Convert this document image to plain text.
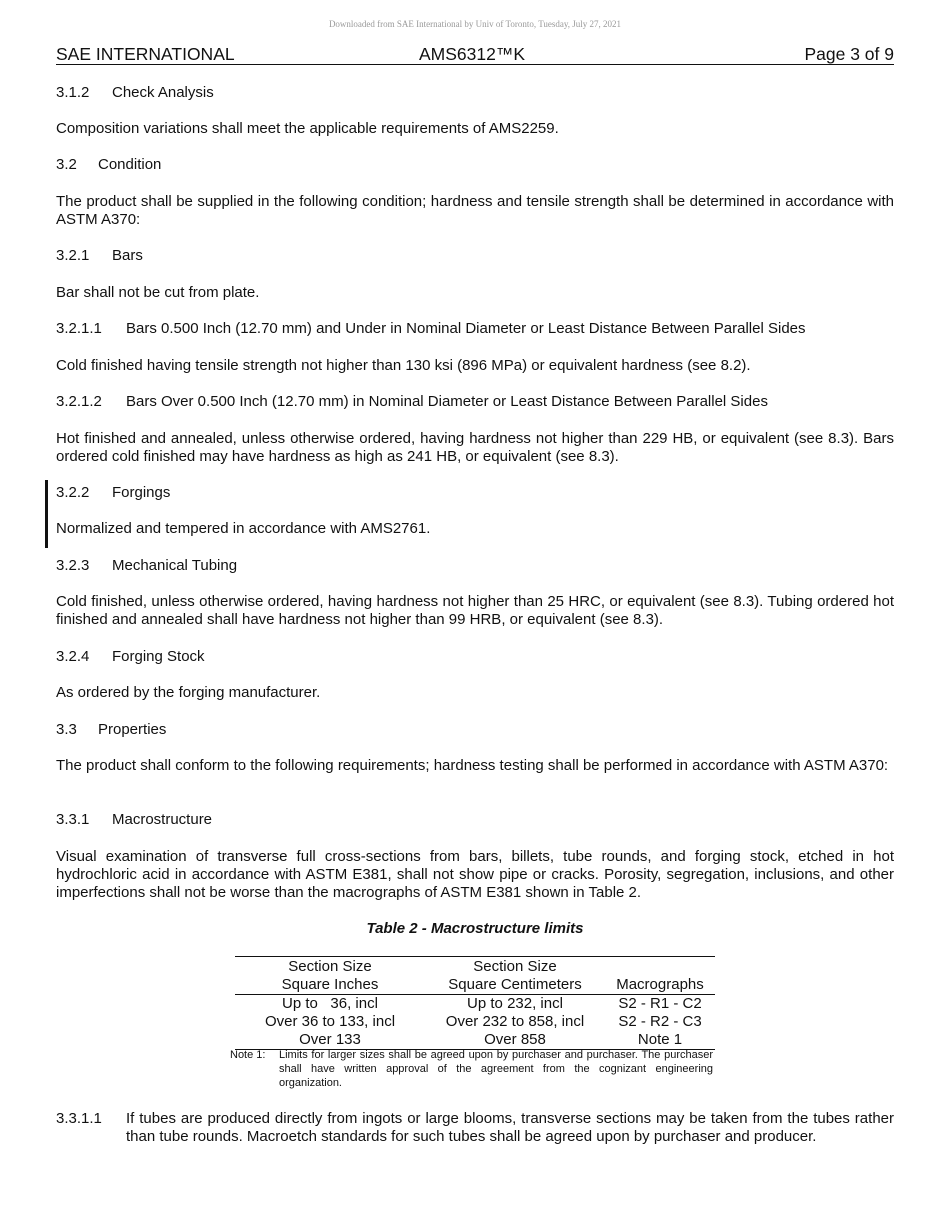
Downloaded from SAE International by Univ of Toronto, Tuesday, July 27, 2021
SAE INTERNATIONAL	AMS6312™K	Page 3 of 9
3.1.2 Check Analysis
Composition variations shall meet the applicable requirements of AMS2259.
3.2 Condition
The product shall be supplied in the following condition; hardness and tensile strength shall be determined in accordance with ASTM A370:
3.2.1 Bars
Bar shall not be cut from plate.
3.2.1.1 Bars 0.500 Inch (12.70 mm) and Under in Nominal Diameter or Least Distance Between Parallel Sides
Cold finished having tensile strength not higher than 130 ksi (896 MPa) or equivalent hardness (see 8.2).
3.2.1.2 Bars Over 0.500 Inch (12.70 mm) in Nominal Diameter or Least Distance Between Parallel Sides
Hot finished and annealed, unless otherwise ordered, having hardness not higher than 229 HB, or equivalent (see 8.3). Bars ordered cold finished may have hardness as high as 241 HB, or equivalent (see 8.3).
3.2.2 Forgings
Normalized and tempered in accordance with AMS2761.
3.2.3 Mechanical Tubing
Cold finished, unless otherwise ordered, having hardness not higher than 25 HRC, or equivalent (see 8.3). Tubing ordered hot finished and annealed shall have hardness not higher than 99 HRB, or equivalent (see 8.3).
3.2.4 Forging Stock
As ordered by the forging manufacturer.
3.3 Properties
The product shall conform to the following requirements; hardness testing shall be performed in accordance with ASTM A370:
3.3.1 Macrostructure
Visual examination of transverse full cross-sections from bars, billets, tube rounds, and forging stock, etched in hot hydrochloric acid in accordance with ASTM E381, shall not show pipe or cracks. Porosity, segregation, inclusions, and other imperfections shall not be worse than the macrographs of ASTM E381 shown in Table 2.
Table 2 - Macrostructure limits
Section Size	Section Size	
Square Inches	Square Centimeters	Macrographs
Up to   36, incl	Up to 232, incl	S2 - R1 - C2
Over 36 to 133, incl	Over 232 to 858, incl	S2 - R2 - C3
Over 133	Over 858	Note 1
Note 1: Limits for larger sizes shall be agreed upon by purchaser and purchaser. The purchaser shall have written approval of the agreement from the cognizant engineering organization.
3.3.1.1 If tubes are produced directly from ingots or large blooms, transverse sections may be taken from the tubes rather than tube rounds. Macroetch standards for such tubes shall be agreed upon by purchaser and producer.
